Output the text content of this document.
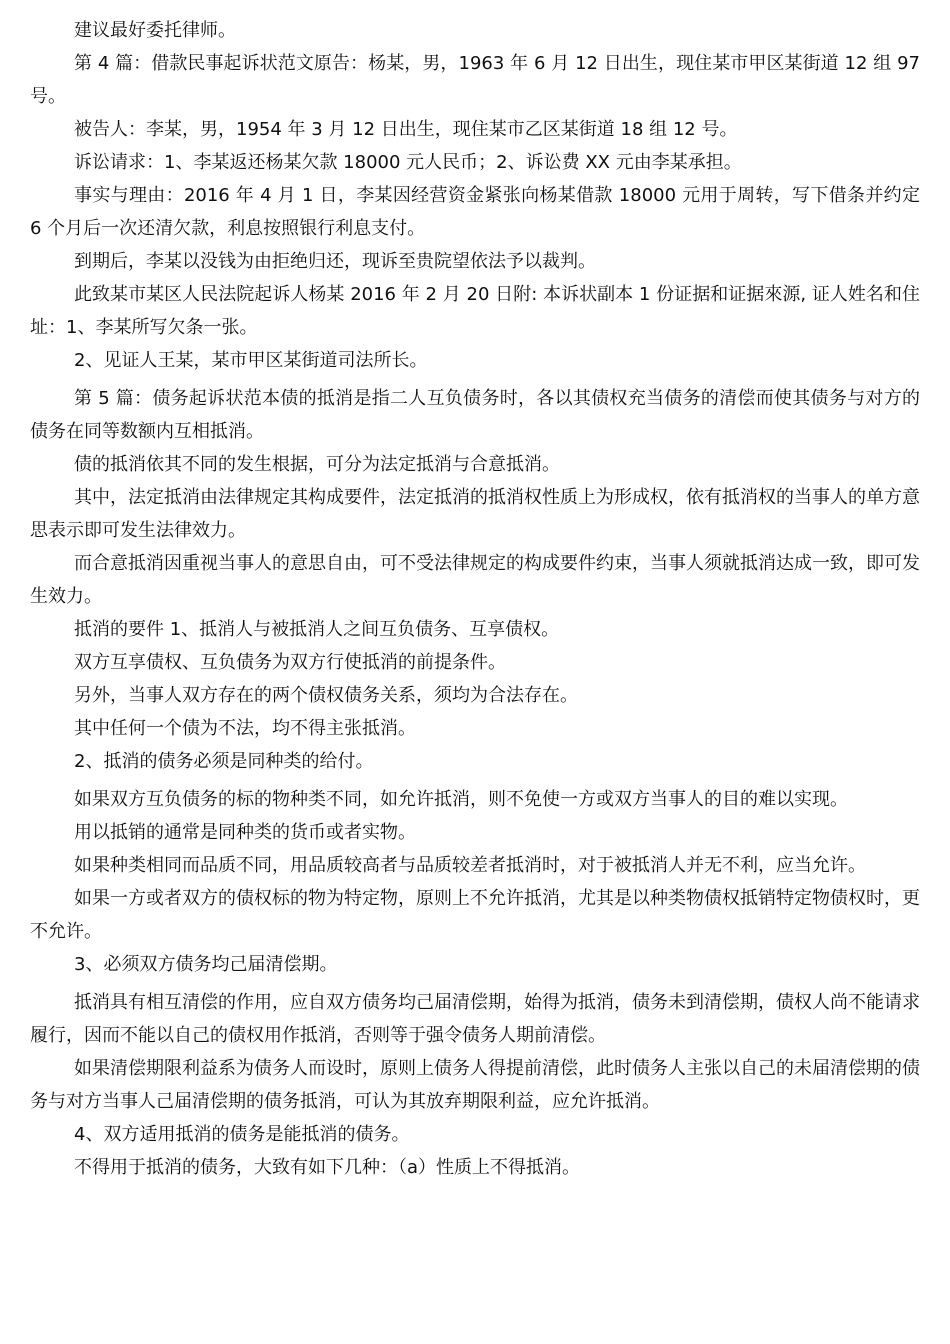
建议最好委托律师。

第 4 篇：借款民事起诉状范文原告：杨某，男，1963 年 6 月 12 日出生，现住某市甲区某街道 12 组 97 号。

被告人：李某，男，1954 年 3 月 12 日出生，现住某市乙区某街道 18 组 12 号。

诉讼请求：1、李某返还杨某欠款 18000 元人民币；2、诉讼费 XX 元由李某承担。

事实与理由：2016 年 4 月 1 日，李某因经营资金紧张向杨某借款 18000 元用于周转，写下借条并约定 6 个月后一次还清欠款，利息按照银行利息支付。

到期后，李某以没钱为由拒绝归还，现诉至贵院望依法予以裁判。

此致某市某区人民法院起诉人杨某 2016 年 2 月 20 日附: 本诉状副本 1 份证据和证据來源, 证人姓名和住址：1、李某所写欠条一张。

2、见证人王某，某市甲区某街道司法所长。

第 5 篇：债务起诉状范本债的抵消是指二人互负债务时，各以其债权充当债务的清偿而使其债务与对方的债务在同等数额内互相抵消。

债的抵消依其不同的发生根据，可分为法定抵消与合意抵消。

其中，法定抵消由法律规定其构成要件，法定抵消的抵消权性质上为形成权，依有抵消权的当事人的单方意思表示即可发生法律效力。

而合意抵消因重视当事人的意思自由，可不受法律规定的构成要件约束，当事人须就抵消达成一致，即可发生效力。

抵消的要件 1、抵消人与被抵消人之间互负债务、互享债权。

双方互享债权、互负债务为双方行使抵消的前提条件。

另外，当事人双方存在的两个债权债务关系，须均为合法存在。

其中任何一个债为不法，均不得主张抵消。

2、抵消的债务必须是同种类的给付。

如果双方互负债务的标的物种类不同，如允许抵消，则不免使一方或双方当事人的目的难以实现。

用以抵销的通常是同种类的货币或者实物。

如果种类相同而品质不同，用品质较高者与品质较差者抵消时，对于被抵消人并无不利，应当允许。

如果一方或者双方的债权标的物为特定物，原则上不允许抵消，尤其是以种类物债权抵销特定物债权时，更不允许。

3、必须双方债务均己届清偿期。

抵消具有相互清偿的作用，应自双方债务均己届清偿期，始得为抵消，债务未到清偿期，债权人尚不能请求履行，因而不能以自己的债权用作抵消，否则等于强令债务人期前清偿。

如果清偿期限利益系为债务人而设时，原则上债务人得提前清偿，此时债务人主张以自己的未届清偿期的债务与对方当事人己届清偿期的债务抵消，可认为其放弃期限利益，应允许抵消。

4、双方适用抵消的债务是能抵消的债务。

不得用于抵消的债务，大致有如下几种：（a）性质上不得抵消。
